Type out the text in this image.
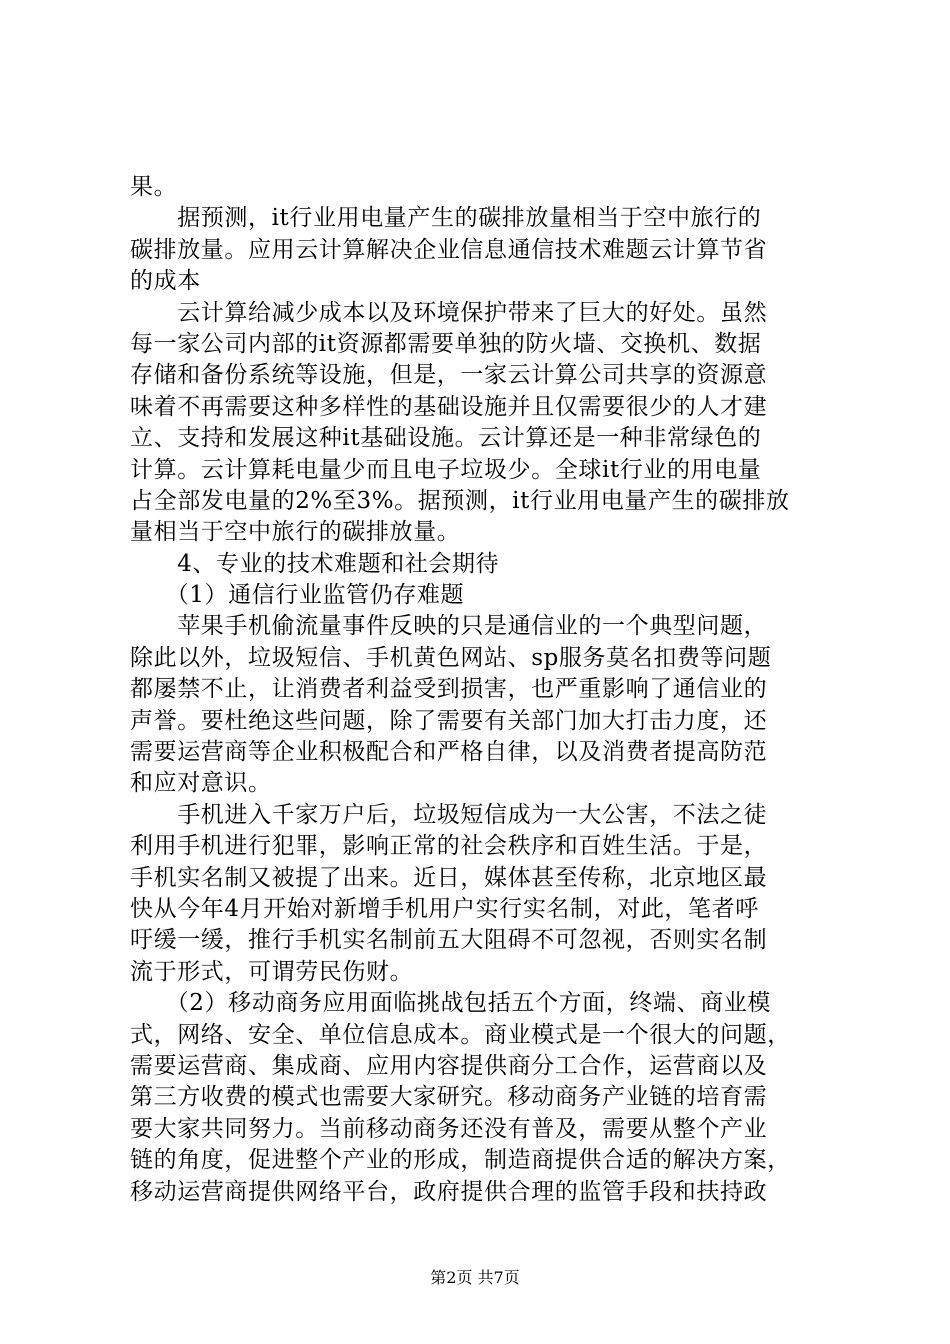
果。
　　据预测，it行业用电量产生的碳排放量相当于空中旅行的
碳排放量。应用云计算解决企业信息通信技术难题云计算节省
的成本
　　云计算给减少成本以及环境保护带来了巨大的好处。虽然
每一家公司内部的it资源都需要单独的防火墙、交换机、数据
存储和备份系统等设施，但是，一家云计算公司共享的资源意
味着不再需要这种多样性的基础设施并且仅需要很少的人才建
立、支持和发展这种it基础设施。云计算还是一种非常绿色的
计算。云计算耗电量少而且电子垃圾少。全球it行业的用电量
占全部发电量的2%至3%。据预测，it行业用电量产生的碳排放
量相当于空中旅行的碳排放量。
　　4、专业的技术难题和社会期待
　　（1）通信行业监管仍存难题
　　苹果手机偷流量事件反映的只是通信业的一个典型问题，
除此以外，垃圾短信、手机黄色网站、sp服务莫名扣费等问题
都屡禁不止，让消费者利益受到损害，也严重影响了通信业的
声誉。要杜绝这些问题，除了需要有关部门加大打击力度，还
需要运营商等企业积极配合和严格自律，以及消费者提高防范
和应对意识。
　　手机进入千家万户后，垃圾短信成为一大公害，不法之徒
利用手机进行犯罪，影响正常的社会秩序和百姓生活。于是，
手机实名制又被提了出来。近日，媒体甚至传称，北京地区最
快从今年4月开始对新增手机用户实行实名制，对此，笔者呼
吁缓一缓，推行手机实名制前五大阻碍不可忽视，否则实名制
流于形式，可谓劳民伤财。
　　（2）移动商务应用面临挑战包括五个方面，终端、商业模
式，网络、安全、单位信息成本。商业模式是一个很大的问题，
需要运营商、集成商、应用内容提供商分工合作，运营商以及
第三方收费的模式也需要大家研究。移动商务产业链的培育需
要大家共同努力。当前移动商务还没有普及，需要从整个产业
链的角度，促进整个产业的形成，制造商提供合适的解决方案，
移动运营商提供网络平台，政府提供合理的监管手段和扶持政
第2页 共7页
